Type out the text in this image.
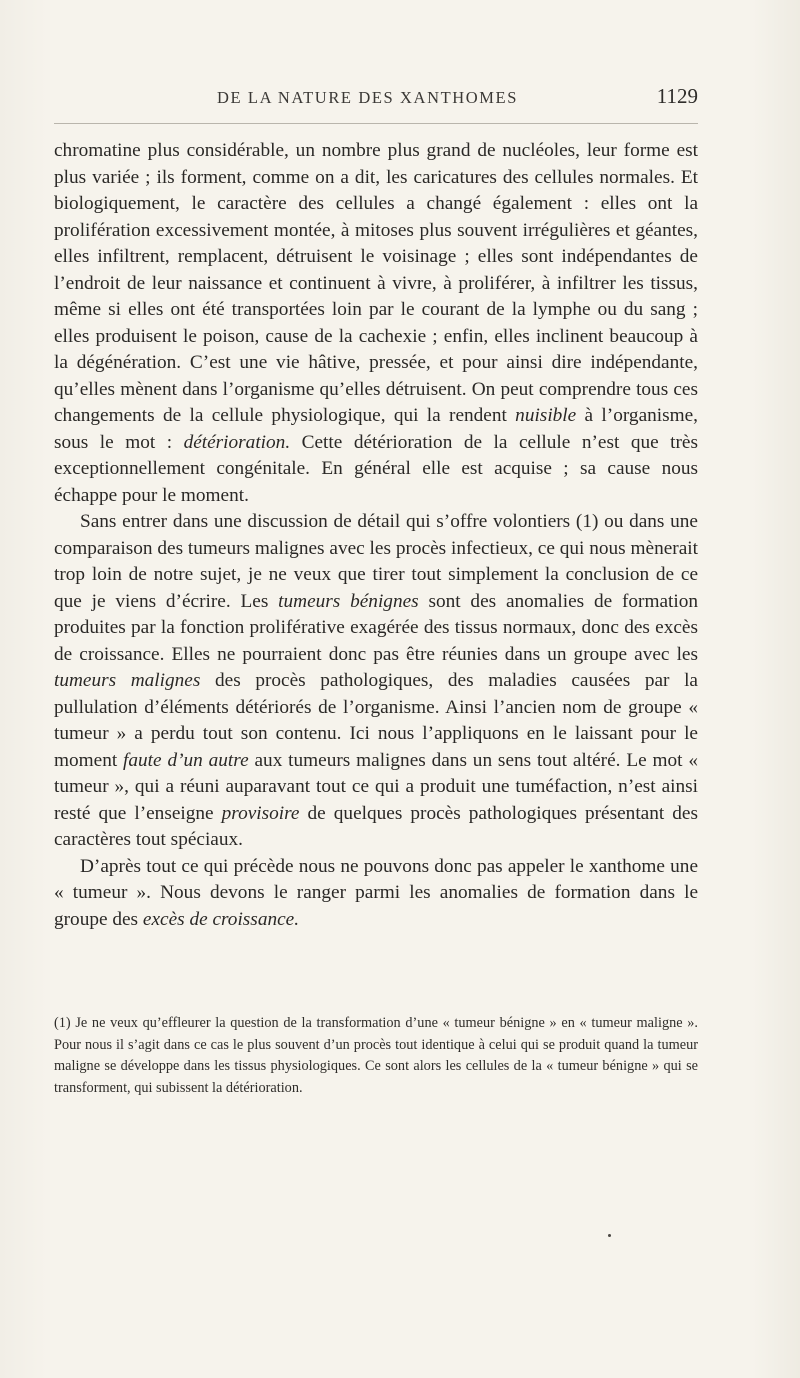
DE LA NATURE DES XANTHOMES	1129

chromatine plus considérable, un nombre plus grand de nucléoles, leur forme est plus variée ; ils forment, comme on a dit, les caricatures des cellules normales. Et biologiquement, le caractère des cellules a changé également : elles ont la prolifération excessivement montée, à mitoses plus souvent irrégulières et géantes, elles infiltrent, remplacent, détruisent le voisinage ; elles sont indépendantes de l’endroit de leur naissance et continuent à vivre, à proliférer, à infiltrer les tissus, même si elles ont été transportées loin par le courant de la lymphe ou du sang ; elles produisent le poison, cause de la cachexie ; enfin, elles inclinent beaucoup à la dégénération. C’est une vie hâtive, pressée, et pour ainsi dire indépendante, qu’elles mènent dans l’organisme qu’elles détruisent. On peut comprendre tous ces changements de la cellule physiologique, qui la rendent nuisible à l’organisme, sous le mot : détérioration. Cette détérioration de la cellule n’est que très exceptionnellement congénitale. En général elle est acquise ; sa cause nous échappe pour le moment.

Sans entrer dans une discussion de détail qui s’offre volontiers (1) ou dans une comparaison des tumeurs malignes avec les procès infectieux, ce qui nous mènerait trop loin de notre sujet, je ne veux que tirer tout simplement la conclusion de ce que je viens d’écrire. Les tumeurs bénignes sont des anomalies de formation produites par la fonction proliférative exagérée des tissus normaux, donc des excès de croissance. Elles ne pourraient donc pas être réunies dans un groupe avec les tumeurs malignes des procès pathologiques, des maladies causées par la pullulation d’éléments détériorés de l’organisme. Ainsi l’ancien nom de groupe « tumeur » a perdu tout son contenu. Ici nous l’appliquons en le laissant pour le moment faute d’un autre aux tumeurs malignes dans un sens tout altéré. Le mot « tumeur », qui a réuni auparavant tout ce qui a produit une tuméfaction, n’est ainsi resté que l’enseigne provisoire de quelques procès pathologiques présentant des caractères tout spéciaux.

D’après tout ce qui précède nous ne pouvons donc pas appeler le xanthome une « tumeur ». Nous devons le ranger parmi les anomalies de formation dans le groupe des excès de croissance.

(1) Je ne veux qu’effleurer la question de la transformation d’une « tumeur bénigne » en « tumeur maligne ». Pour nous il s’agit dans ce cas le plus souvent d’un procès tout identique à celui qui se produit quand la tumeur maligne se développe dans les tissus physiologiques. Ce sont alors les cellules de la « tumeur bénigne » qui se transforment, qui subissent la détérioration.
